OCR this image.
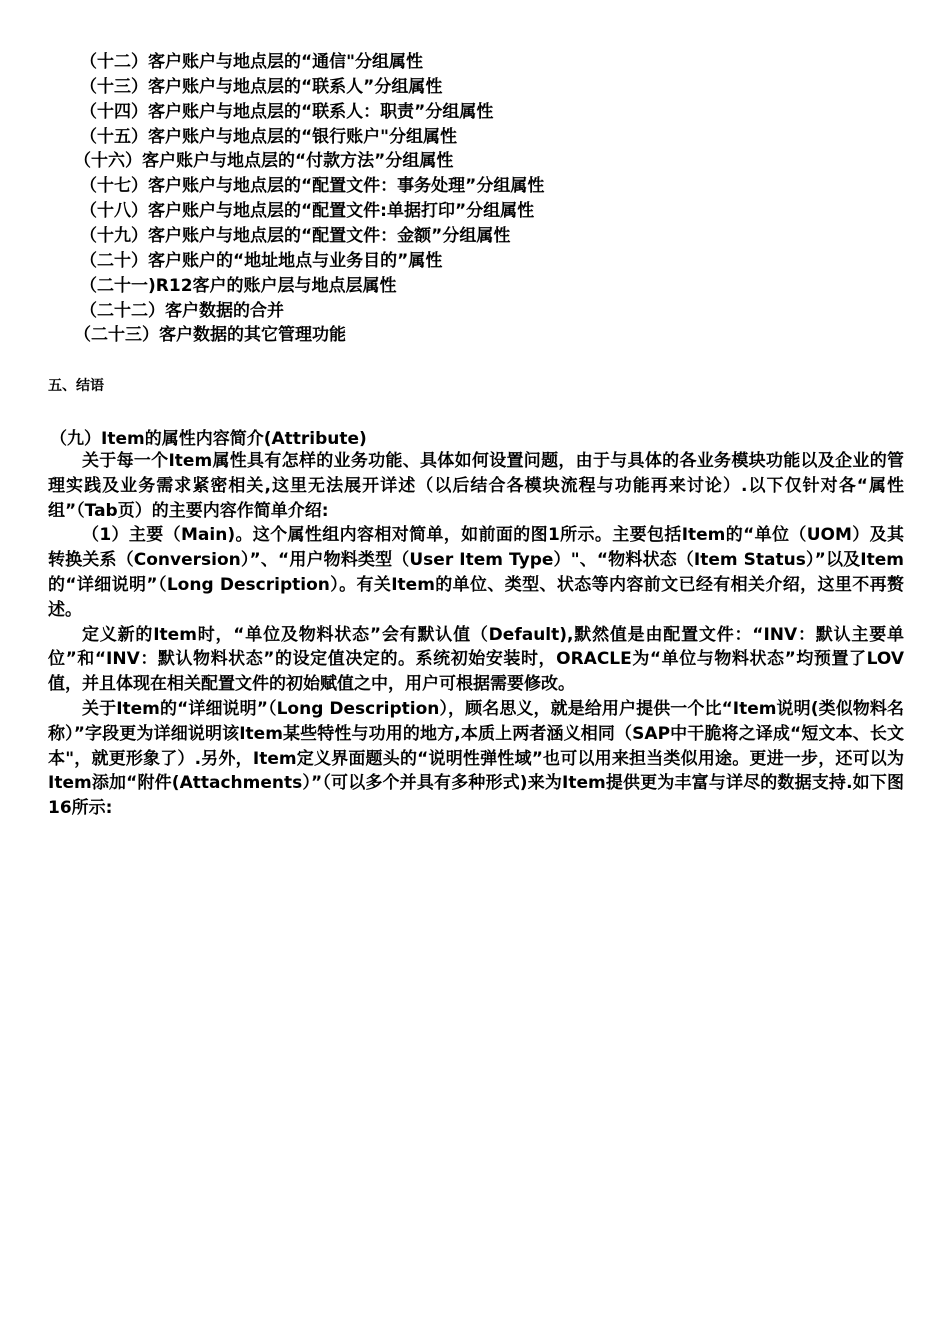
（十二）客户账户与地点层的“通信"分组属性
（十三）客户账户与地点层的“联系人”分组属性
（十四）客户账户与地点层的“联系人：职责”分组属性
（十五）客户账户与地点层的“银行账户"分组属性
（十六）客户账户与地点层的“付款方法”分组属性
（十七）客户账户与地点层的“配置文件：事务处理”分组属性
（十八）客户账户与地点层的“配置文件:单据打印”分组属性
（十九）客户账户与地点层的“配置文件：金额”分组属性
（二十）客户账户的“地址地点与业务目的”属性
（二十一)R12客户的账户层与地点层属性
（二十二）客户数据的合并
（二十三）客户数据的其它管理功能
五、结语
（九）Item的属性内容简介(Attribute)

关于每一个Item属性具有怎样的业务功能、具体如何设置问题，由于与具体的各业务模块功能以及企业的管理实践及业务需求紧密相关,这里无法展开详述（以后结合各模块流程与功能再来讨论）.以下仅针对各“属性组”（Tab页）的主要内容作简单介绍:

（1）主要（Main)。这个属性组内容相对简单，如前面的图1所示。主要包括Item的“单位（UOM）及其转换关系（Conversion）”、“用户物料类型（User Item Type）"、“物料状态（Item Status）”以及Item的“详细说明”（Long Description）。有关Item的单位、类型、状态等内容前文已经有相关介绍，这里不再赘述。

定义新的Item时，“单位及物料状态”会有默认值（Default),默然值是由配置文件：“INV：默认主要单位”和“INV：默认物料状态”的设定值决定的。系统初始安装时，ORACLE为“单位与物料状态”均预置了LOV值，并且体现在相关配置文件的初始赋值之中，用户可根据需要修改。

关于Item的“详细说明”（Long Description），顾名思义，就是给用户提供一个比“Item说明(类似物料名称）”字段更为详细说明该Item某些特性与功用的地方,本质上两者涵义相同（SAP中干脆将之译成“短文本、长文本"，就更形象了）.另外，Item定义界面题头的“说明性弹性域”也可以用来担当类似用途。更进一步，还可以为Item添加“附件(Attachments）”（可以多个并具有多种形式)来为Item提供更为丰富与详尽的数据支持.如下图16所示:
